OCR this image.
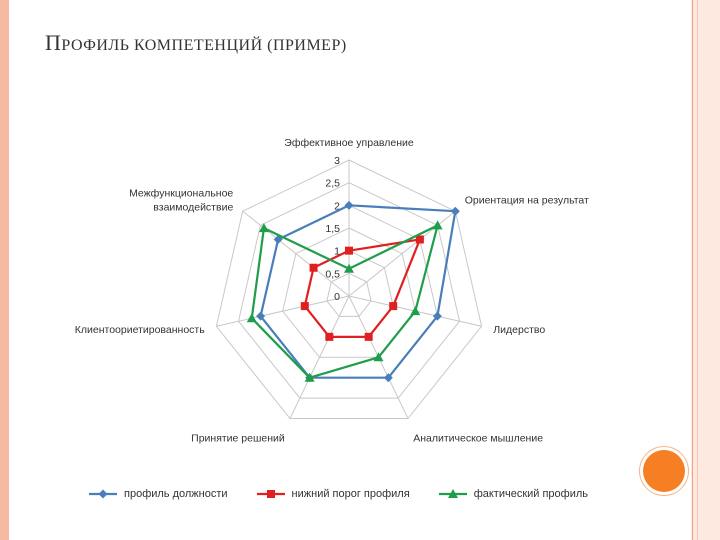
ПРОФИЛЬ КОМПЕТЕНЦИЙ (ПРИМЕР)
0
0,5
1
1,5
2
2,5
3
Эффективное управление
Ориентация на результат
Лидерство
Аналитическое мышление
Принятие решений
Клиентоориетированность
Межфункциональное взаимодействие
профиль должности	нижний порог профиля	фактический профиль
